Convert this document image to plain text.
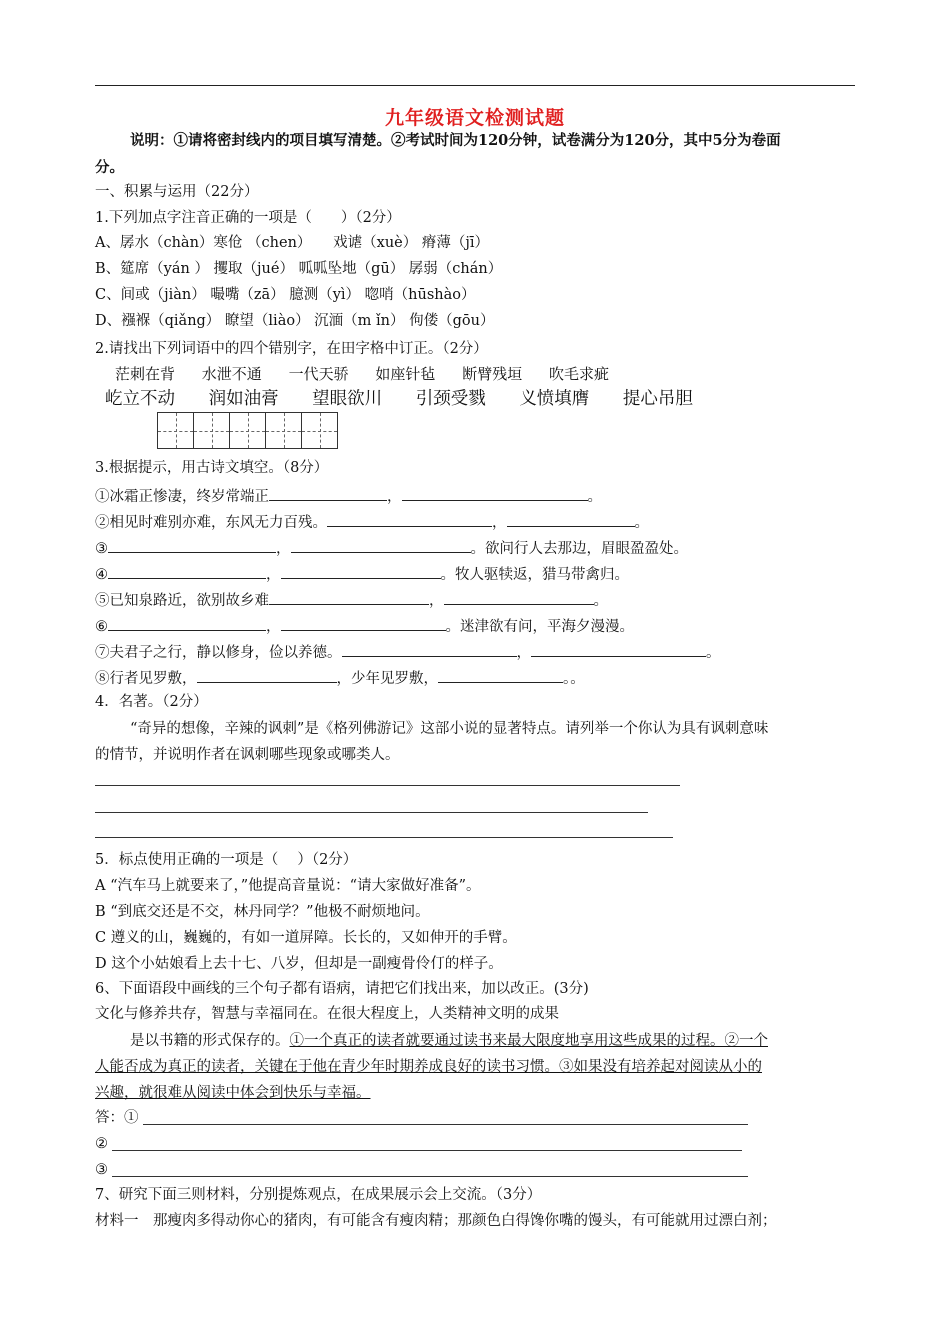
九年级语文检测试题
说明：①请将密封线内的项目填写清楚。②考试时间为120分钟，试卷满分为120分，其中5分为卷面
分。
一、积累与运用（22分）
1.下列加点字注音正确的一项是（　　）（2分）
A、孱水（chàn）寒伧 （chen）　　戏谑（xuè） 瘠薄（jī）
B、筵席（yán ） 攫取（jué） 呱呱坠地（gū） 孱弱（chán）
C、间或（jiàn） 嘬嘴（zā） 臆测（yì） 唿哨（hūshào）
D、襁褓（qiǎng） 瞭望（liào） 沉湎（m ǐn） 佝偻（gōu）
2.请找出下列词语中的四个错别字，在田字格中订正。（2分）
茫刺在背 水泄不通 一代天骄 如座针毡 断臂残垣 吹毛求疵
屹立不动 润如油膏 望眼欲川 引颈受戮 义愤填膺 提心吊胆
3.根据提示，用古诗文填空。（8分）
①冰霜正惨凄，终岁常端正	，	。
②相见时难别亦难，东风无力百残。	，	。
③	，	。欲问行人去那边，眉眼盈盈处。
④	，	。牧人驱犊返，猎马带禽归。
⑤已知泉路近，欲别故乡难	，	。
⑥	，	。迷津欲有问，平海夕漫漫。
⑦夫君子之行，静以修身，俭以养德。	，	。
⑧行者见罗敷，	，少年见罗敷，	。。
4．名著。（2分）
“奇异的想像，辛辣的讽刺”是《格列佛游记》这部小说的显著特点。请列举一个你认为具有讽刺意味
的情节，并说明作者在讽刺哪些现象或哪类人。
5．标点使用正确的一项是（　 ）（2分）
A “汽车马上就要来了，”他提高音量说：“请大家做好准备”。
B “到底交还是不交，林丹同学？”他极不耐烦地问。
C 遵义的山，巍巍的，有如一道屏障。长长的，又如伸开的手臂。
D 这个小姑娘看上去十七、八岁，但却是一副瘦骨伶仃的样子。
6、下面语段中画线的三个句子都有语病，请把它们找出来，加以改正。(3分)
文化与修养共存，智慧与幸福同在。在很大程度上，人类精神文明的成果
是以书籍的形式保存的。①一个真正的读者就要通过读书来最大限度地享用这些成果的过程。②一个
人能否成为真正的读者，关键在于他在青少年时期养成良好的读书习惯。③如果没有培养起对阅读从小的
兴趣，就很难从阅读中体会到快乐与幸福。
答：①
②
③
7、研究下面三则材料，分别提炼观点，在成果展示会上交流。（3分）
材料一　那瘦肉多得动你心的猪肉，有可能含有瘦肉精；那颜色白得馋你嘴的馒头，有可能就用过漂白剂；
